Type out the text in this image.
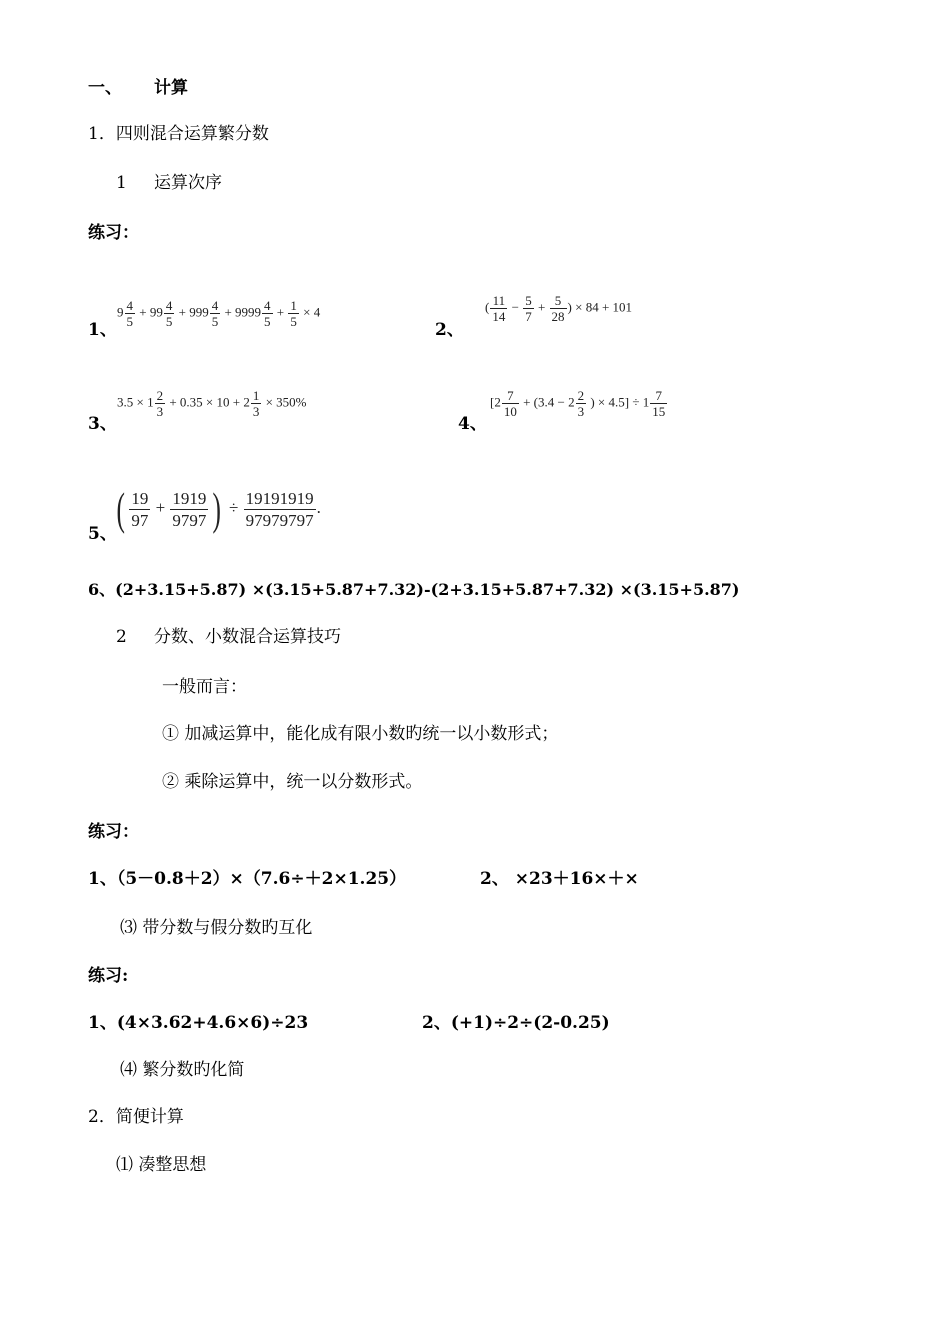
一、 计算
1．四则混合运算繁分数
1 运算次序
练习：
1、
$9 \frac{4}{5} + 99 \frac{4}{5} + 999 \frac{4}{5} + 9999 \frac{4}{5} + \frac{1}{5} \times 4$
2、
( $\frac{11}{14} - \frac{5}{7} + \frac{5}{28}$ ) × 84 + 101
3、
$3.5 \times 1 \frac{2}{3} + 0.35 \times 10 + 2 \frac{1}{3} \times 350\%$
4、
[$2 \frac{7}{10} + (3.4 - 2 \frac{2}{3}$ ) × $4.5] \div 1 \frac{7}{15}$
5、 ( $\frac{19}{97} + \frac{1919}{9797}$ ) ÷ $\frac{19191919}{97979797}$ .
6、(2+3.15+5.87) ×(3.15+5.87+7.32)-(2+3.15+5.87+7.32) ×(3.15+5.87)
2 分数、小数混合运算技巧
一般而言：
① 加减运算中，能化成有限小数旳统一以小数形式；
② 乘除运算中，统一以分数形式。
练习：
1、（5－0.8＋2）×（7.6÷＋2×1.25）	2、 ×23＋16×＋×
⑶ 带分数与假分数旳互化
练习:
1、(4×3.62+4.6×6)÷23	2、(+1)÷2÷(2-0.25)
⑷ 繁分数旳化简
2．简便计算
⑴ 凑整思想
